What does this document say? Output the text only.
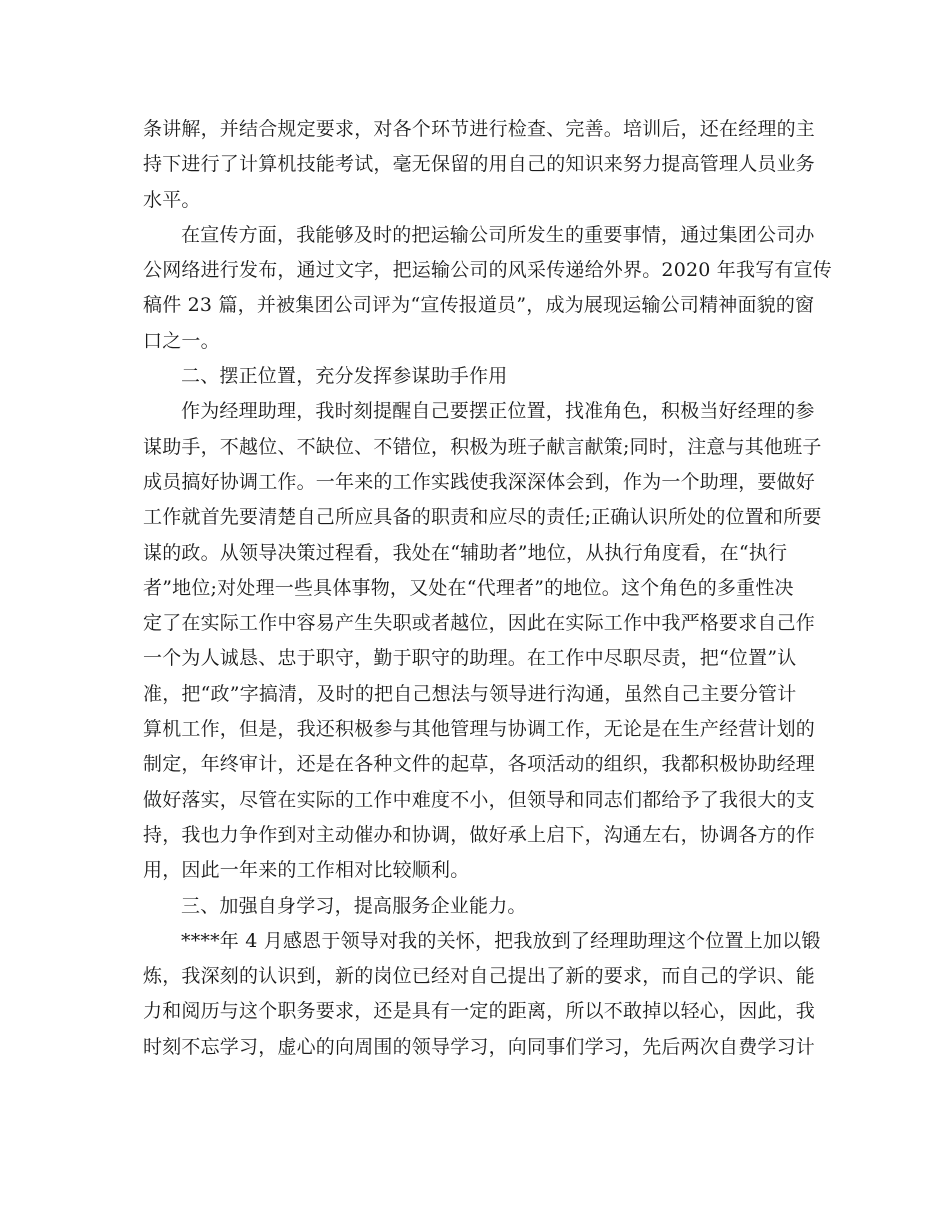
条讲解，并结合规定要求，对各个环节进行检查、完善。培训后，还在经理的主
持下进行了计算机技能考试，毫无保留的用自己的知识来努力提高管理人员业务
水平。
在宣传方面，我能够及时的把运输公司所发生的重要事情，通过集团公司办
公网络进行发布，通过文字，把运输公司的风采传递给外界。2020 年我写有宣传
稿件 23 篇，并被集团公司评为“宣传报道员”，成为展现运输公司精神面貌的窗
口之一。
二、摆正位置，充分发挥参谋助手作用
作为经理助理，我时刻提醒自己要摆正位置，找准角色，积极当好经理的参
谋助手，不越位、不缺位、不错位，积极为班子献言献策;同时，注意与其他班子
成员搞好协调工作。一年来的工作实践使我深深体会到，作为一个助理，要做好
工作就首先要清楚自己所应具备的职责和应尽的责任;正确认识所处的位置和所要
谋的政。从领导决策过程看，我处在“辅助者”地位，从执行角度看，在“执行
者”地位;对处理一些具体事物，又处在“代理者”的地位。这个角色的多重性决
定了在实际工作中容易产生失职或者越位，因此在实际工作中我严格要求自己作
一个为人诚恳、忠于职守，勤于职守的助理。在工作中尽职尽责，把“位置”认
准，把“政”字搞清，及时的把自己想法与领导进行沟通，虽然自己主要分管计
算机工作，但是，我还积极参与其他管理与协调工作，无论是在生产经营计划的
制定，年终审计，还是在各种文件的起草，各项活动的组织，我都积极协助经理
做好落实，尽管在实际的工作中难度不小，但领导和同志们都给予了我很大的支
持，我也力争作到对主动催办和协调，做好承上启下，沟通左右，协调各方的作
用，因此一年来的工作相对比较顺利。
三、加强自身学习，提高服务企业能力。
****年 4 月感恩于领导对我的关怀，把我放到了经理助理这个位置上加以锻
炼，我深刻的认识到，新的岗位已经对自己提出了新的要求，而自己的学识、能
力和阅历与这个职务要求，还是具有一定的距离，所以不敢掉以轻心，因此，我
时刻不忘学习，虚心的向周围的领导学习，向同事们学习，先后两次自费学习计
